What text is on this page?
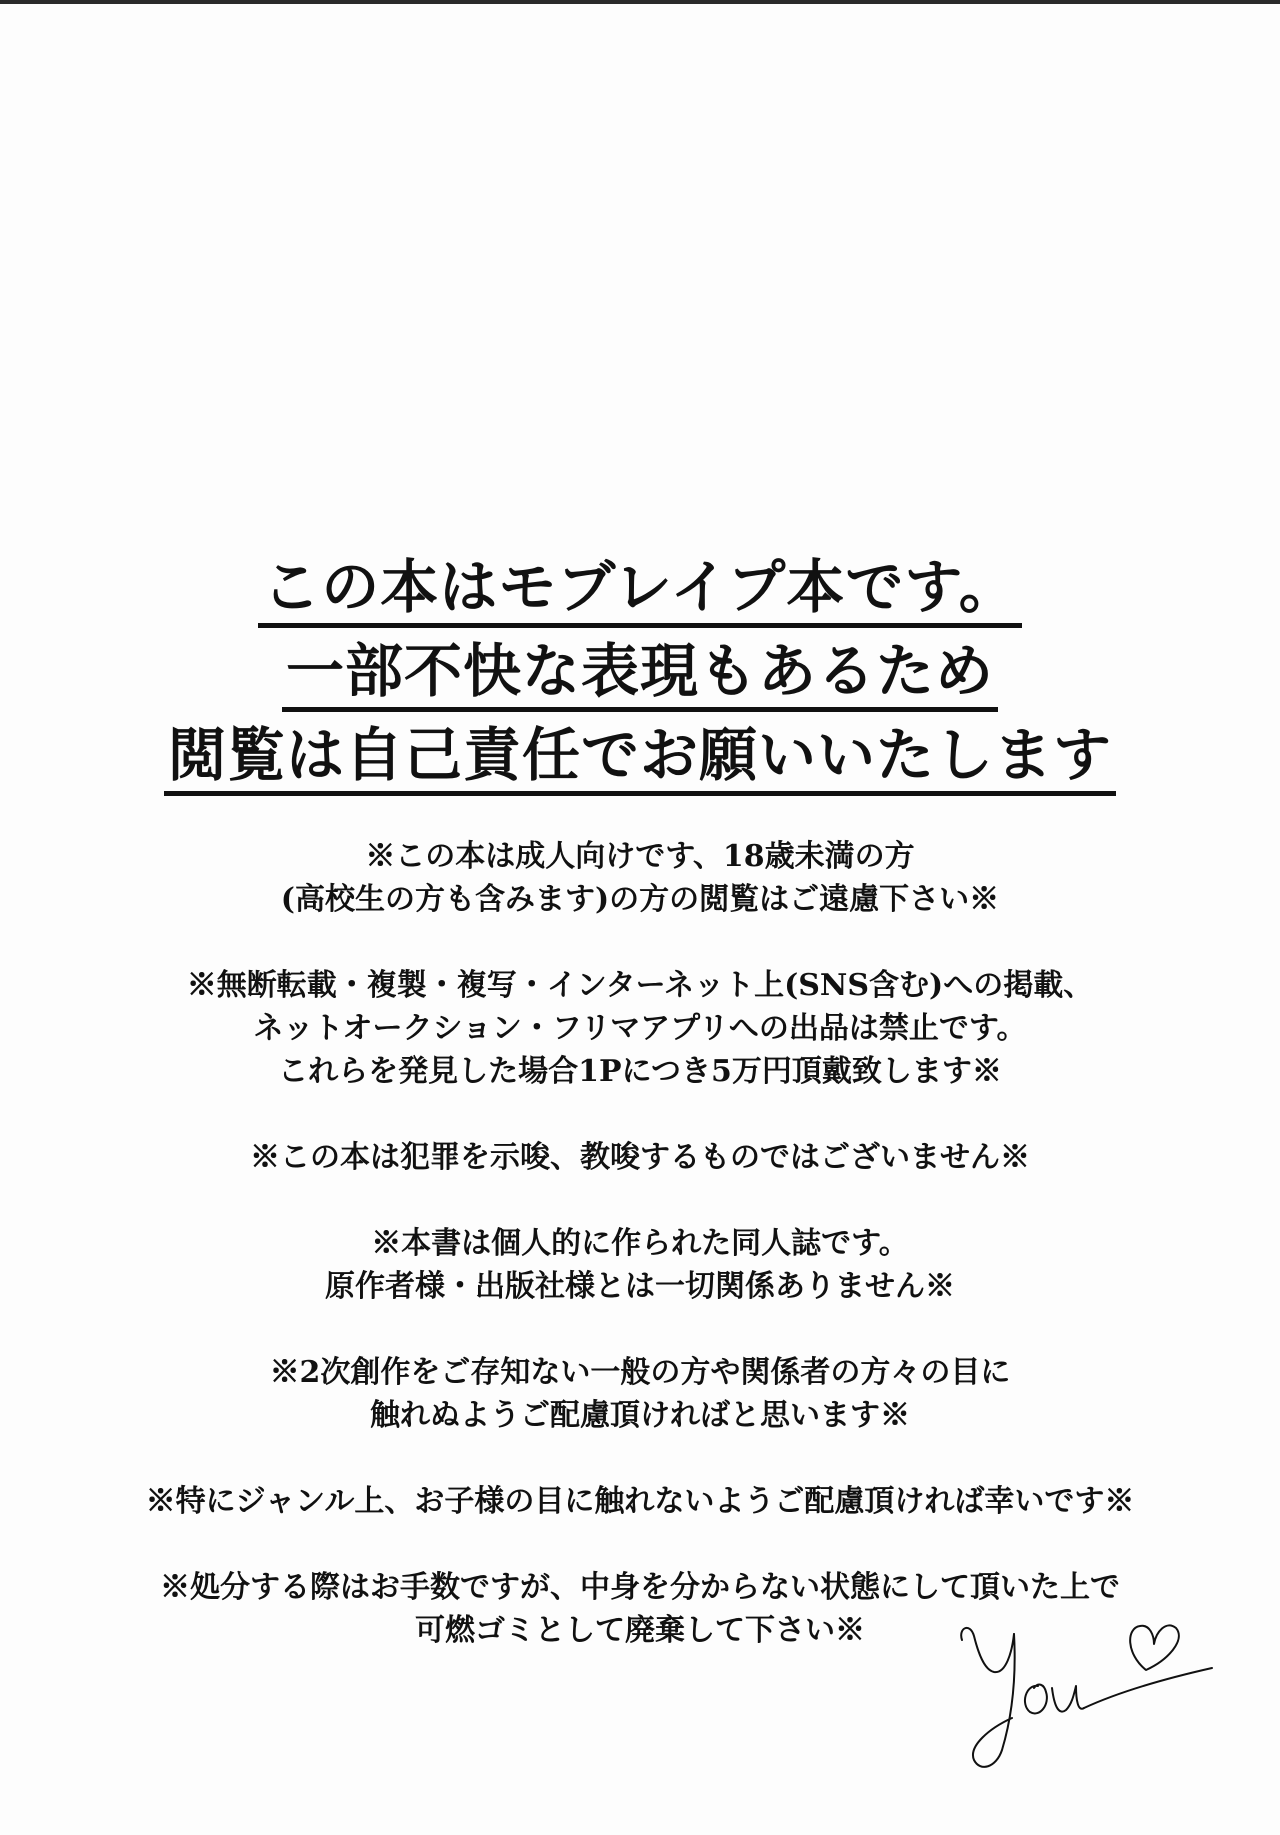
この本はモブレイプ本です。
一部不快な表現もあるため
閲覧は自己責任でお願いいたします
※この本は成人向けです、18歳未満の方
(高校生の方も含みます)の方の閲覧はご遠慮下さい※
※無断転載・複製・複写・インターネット上(SNS含む)への掲載、
ネットオークション・フリマアプリへの出品は禁止です。
これらを発見した場合1Pにつき5万円頂戴致します※
※この本は犯罪を示唆、教唆するものではございません※
※本書は個人的に作られた同人誌です。
原作者様・出版社様とは一切関係ありません※
※2次創作をご存知ない一般の方や関係者の方々の目に
触れぬようご配慮頂ければと思います※
※特にジャンル上、お子様の目に触れないようご配慮頂ければ幸いです※
※処分する際はお手数ですが、中身を分からない状態にして頂いた上で
可燃ゴミとして廃棄して下さい※
